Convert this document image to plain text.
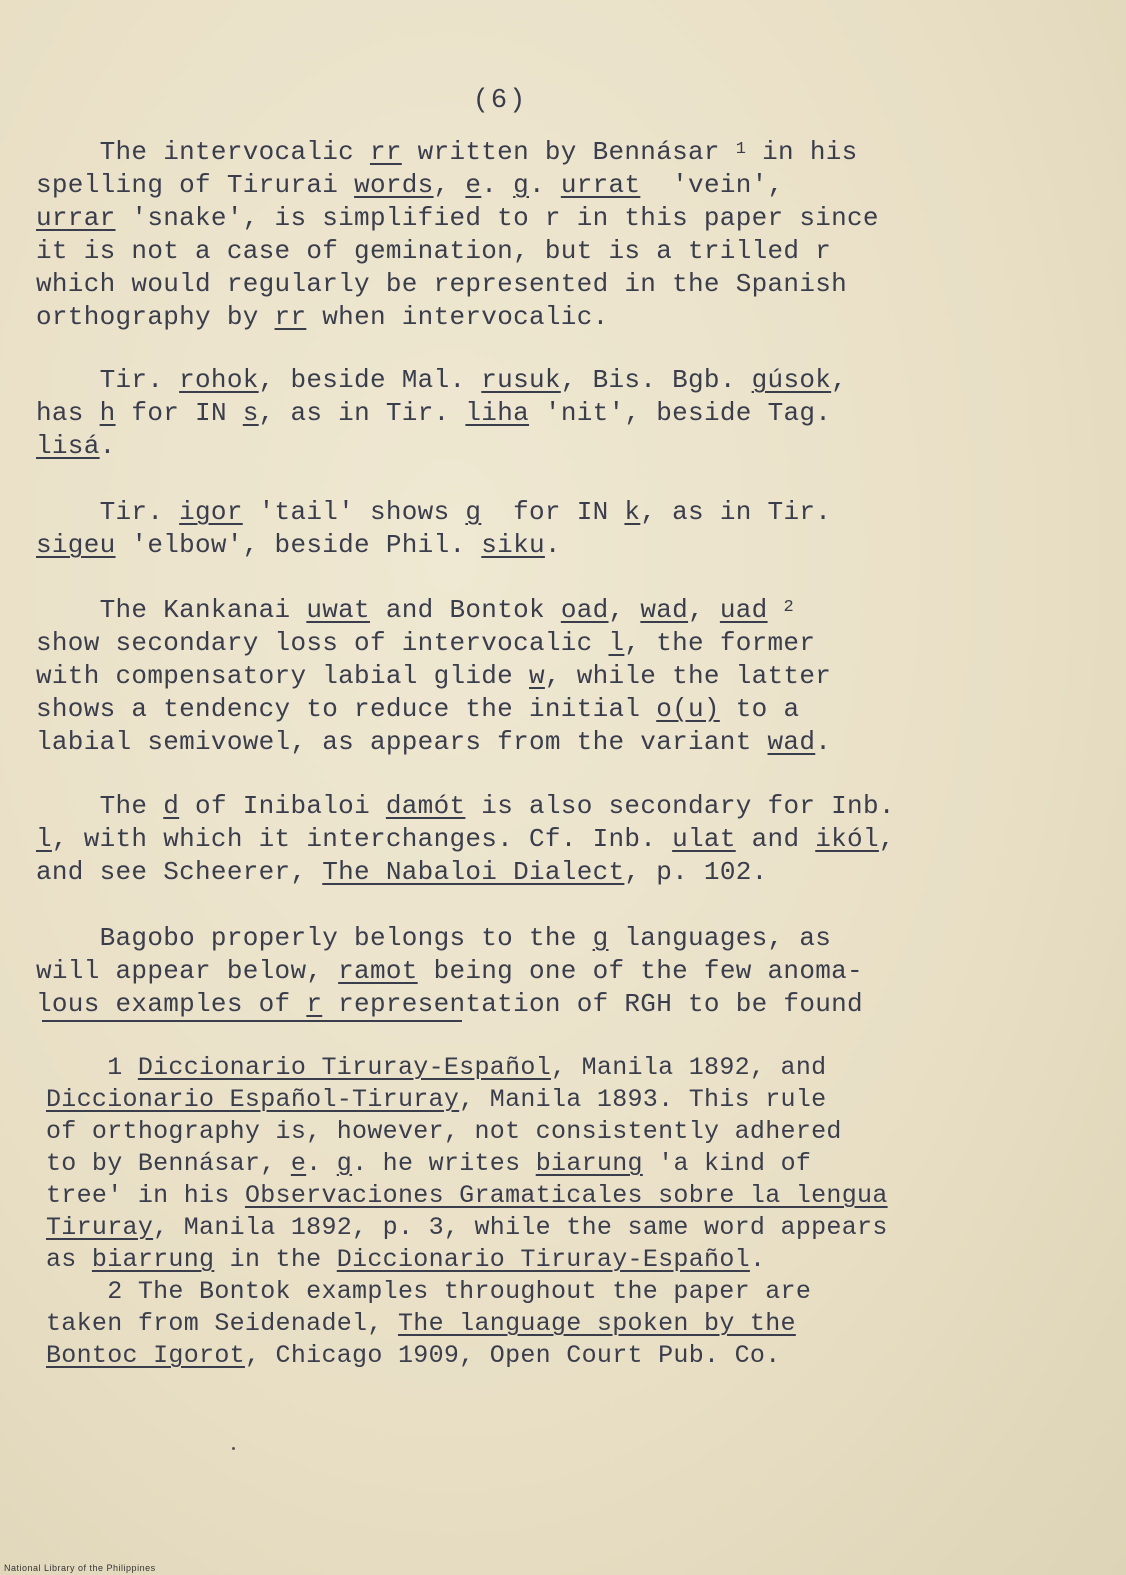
(6)
The intervocalic rr written by Bennásar $^1$ in his
spelling of Tirurai words, e. g. urrat  'vein',
urrar 'snake', is simplified to r in this paper since
it is not a case of gemination, but is a trilled r
which would regularly be represented in the Spanish
orthography by rr when intervocalic.
Tir. rohok, beside Mal. rusuk, Bis. Bgb. gúsok,
has h for IN s, as in Tir. liha 'nit', beside Tag.
lisá.
Tir. igor 'tail' shows g  for IN k, as in Tir.
sigeu 'elbow', beside Phil. siku.
The Kankanai uwat and Bontok oad, wad, uad $^2$
show secondary loss of intervocalic l, the former
with compensatory labial glide w, while the latter
shows a tendency to reduce the initial o(u) to a
labial semivowel, as appears from the variant wad.
The d of Inibaloi damót is also secondary for Inb.
l, with which it interchanges. Cf. Inb. ulat and ikól,
and see Scheerer, The Nabaloi Dialect, p. 102.
Bagobo properly belongs to the g languages, as
will appear below, ramot being one of the few anoma-
lous examples of r representation of RGH to be found
1 Diccionario Tiruray-Español, Manila 1892, and
Diccionario Español-Tiruray, Manila 1893. This rule
of orthography is, however, not consistently adhered
to by Bennásar, e. g. he writes biarung 'a kind of
tree' in his Observaciones Gramaticales sobre la lengua
Tiruray, Manila 1892, p. 3, while the same word appears
as biarrung in the Diccionario Tiruray-Español.
2 The Bontok examples throughout the paper are
taken from Seidenadel, The language spoken by the
Bontoc Igorot, Chicago 1909, Open Court Pub. Co.
National Library of the Philippines
